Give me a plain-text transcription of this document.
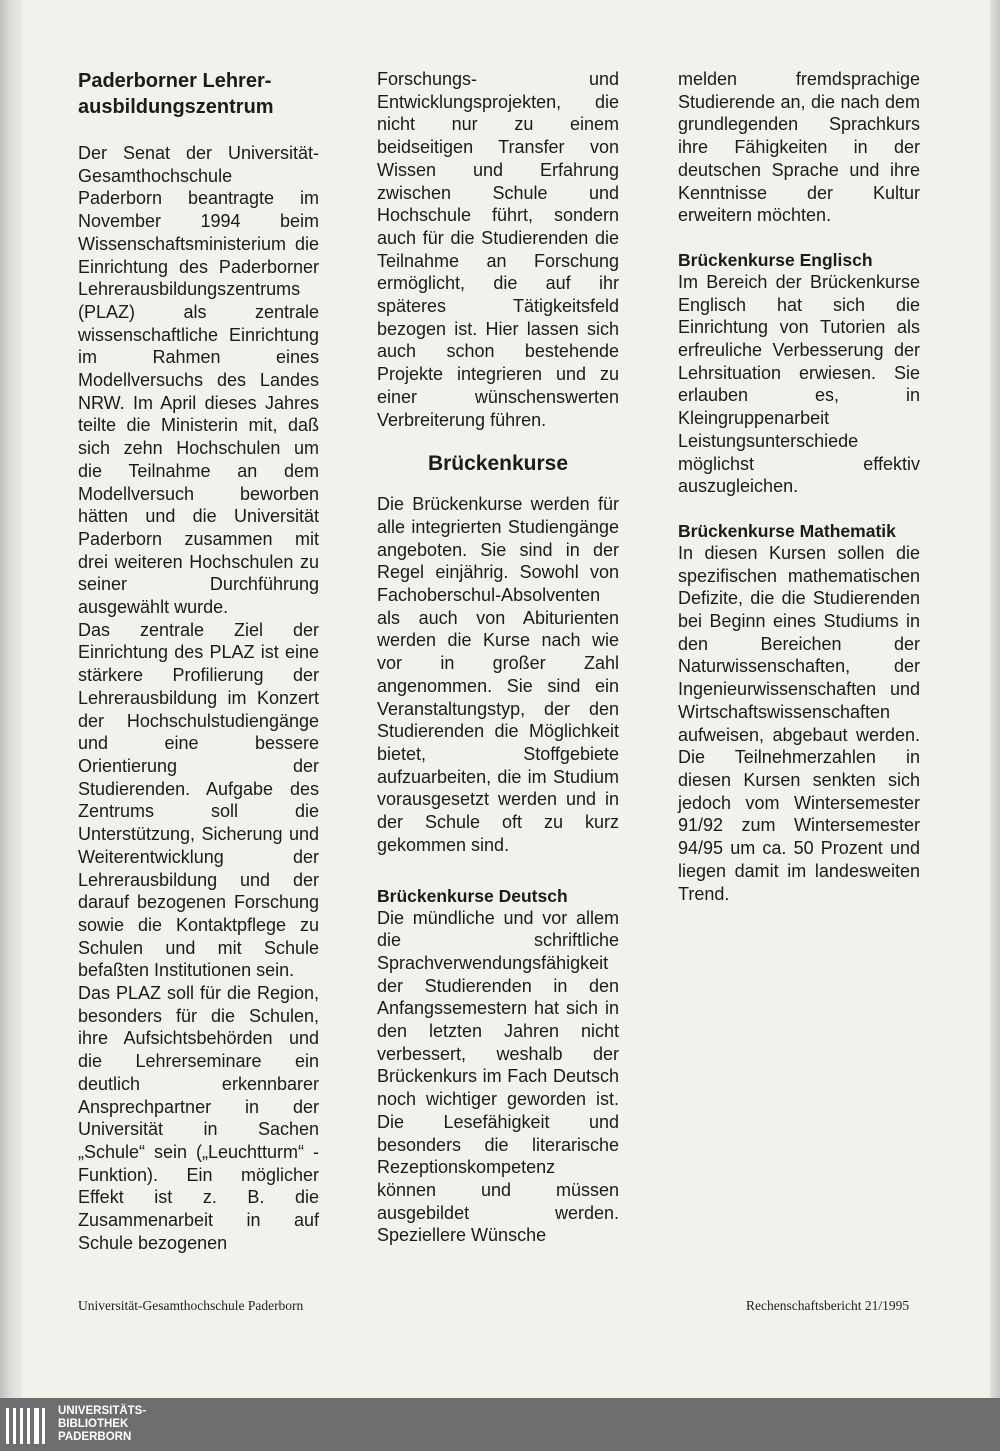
Paderborner Lehrer-
ausbildungszentrum

Der Senat der Universität-Gesamthochschule Paderborn beantragte im November 1994 beim Wissenschaftsministerium die Einrichtung des Paderborner Lehrerausbildungszentrums (PLAZ) als zentrale wissenschaftliche Einrichtung im Rahmen eines Modellversuchs des Landes NRW. Im April dieses Jahres teilte die Ministerin mit, daß sich zehn Hochschulen um die Teilnahme an dem Modellversuch beworben hätten und die Universität Paderborn zusammen mit drei weiteren Hochschulen zu seiner Durchführung ausgewählt wurde.

Das zentrale Ziel der Einrichtung des PLAZ ist eine stärkere Profilierung der Lehrerausbildung im Konzert der Hochschulstudiengänge und eine bessere Orientierung der Studierenden. Aufgabe des Zentrums soll die Unterstützung, Sicherung und Weiterentwicklung der Lehrerausbildung und der darauf bezogenen Forschung sowie die Kontaktpflege zu Schulen und mit Schule befaßten Institutionen sein.

Das PLAZ soll für die Region, besonders für die Schulen, ihre Aufsichtsbehörden und die Lehrerseminare ein deutlich erkennbarer Ansprechpartner in der Universität in Sachen „Schule“ sein („Leuchtturm“ - Funktion). Ein möglicher Effekt ist z. B. die Zusammenarbeit in auf Schule bezogenen

Forschungs- und Entwicklungsprojekten, die nicht nur zu einem beidseitigen Transfer von Wissen und Erfahrung zwischen Schule und Hochschule führt, sondern auch für die Studierenden die Teilnahme an Forschung ermöglicht, die auf ihr späteres Tätigkeitsfeld bezogen ist. Hier lassen sich auch schon bestehende Projekte integrieren und zu einer wünschenswerten Verbreiterung führen.

Brückenkurse

Die Brückenkurse werden für alle integrierten Studiengänge angeboten. Sie sind in der Regel einjährig. Sowohl von Fachoberschul-Absolventen als auch von Abiturienten werden die Kurse nach wie vor in großer Zahl angenommen. Sie sind ein Veranstaltungstyp, der den Studierenden die Möglichkeit bietet, Stoffgebiete aufzuarbeiten, die im Studium vorausgesetzt werden und in der Schule oft zu kurz gekommen sind.

Brückenkurse Deutsch

Die mündliche und vor allem die schriftliche Sprachverwendungsfähigkeit der Studierenden in den Anfangssemestern hat sich in den letzten Jahren nicht verbessert, weshalb der Brückenkurs im Fach Deutsch noch wichtiger geworden ist. Die Lesefähigkeit und besonders die literarische Rezeptionskompetenz können und müssen ausgebildet werden. Speziellere Wünsche

melden fremdsprachige Studierende an, die nach dem grundlegenden Sprachkurs ihre Fähigkeiten in der deutschen Sprache und ihre Kenntnisse der Kultur erweitern möchten.

Brückenkurse Englisch

Im Bereich der Brückenkurse Englisch hat sich die Einrichtung von Tutorien als erfreuliche Verbesserung der Lehrsituation erwiesen. Sie erlauben es, in Kleingruppenarbeit Leistungsunterschiede möglichst effektiv auszugleichen.

Brückenkurse Mathematik

In diesen Kursen sollen die spezifischen mathematischen Defizite, die die Studierenden bei Beginn eines Studiums in den Bereichen der Naturwissenschaften, der Ingenieurwissenschaften und Wirtschaftswissenschaften aufweisen, abgebaut werden. Die Teilnehmerzahlen in diesen Kursen senkten sich jedoch vom Wintersemester 91/92 zum Wintersemester 94/95 um ca. 50 Prozent und liegen damit im landesweiten Trend.

Universität-Gesamthochschule Paderborn	Rechenschaftsbericht 21/1995
UNIVERSITÄTS-
BIBLIOTHEK
PADERBORN
